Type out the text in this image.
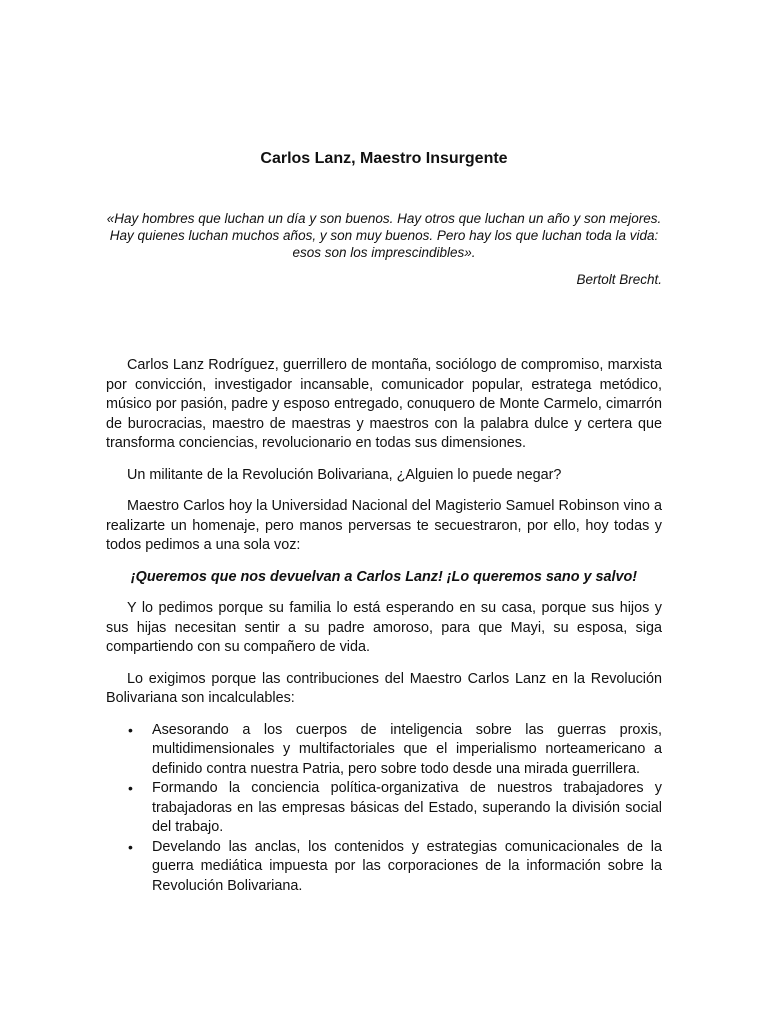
Carlos Lanz, Maestro Insurgente
«Hay hombres que luchan un día y son buenos. Hay otros que luchan un año y son mejores. Hay quienes luchan muchos años, y son muy buenos. Pero hay los que luchan toda la vida: esos son los imprescindibles».
Bertolt Brecht.

Carlos Lanz Rodríguez, guerrillero de montaña, sociólogo de compromiso, marxista por convicción, investigador incansable, comunicador popular, estratega metódico, músico por pasión, padre y esposo entregado, conuquero de Monte Carmelo, cimarrón de burocracias, maestro de maestras y maestros con la palabra dulce y certera que transforma conciencias, revolucionario en todas sus dimensiones.

Un militante de la Revolución Bolivariana, ¿Alguien lo puede negar?

Maestro Carlos hoy la Universidad Nacional del Magisterio Samuel Robinson vino a realizarte un homenaje, pero manos perversas te secuestraron, por ello, hoy todas y todos pedimos a una sola voz:

¡Queremos que nos devuelvan a Carlos Lanz! ¡Lo queremos sano y salvo!

Y lo pedimos porque su familia lo está esperando en su casa, porque sus hijos y sus hijas necesitan sentir a su padre amoroso, para que Mayi, su esposa, siga compartiendo con su compañero de vida.

Lo exigimos porque las contribuciones del Maestro Carlos Lanz en la Revolución Bolivariana son incalculables:

• Asesorando a los cuerpos de inteligencia sobre las guerras proxis, multidimensionales y multifactoriales que el imperialismo norteamericano a definido contra nuestra Patria, pero sobre todo desde una mirada guerrillera.
• Formando la conciencia política-organizativa de nuestros trabajadores y trabajadoras en las empresas básicas del Estado, superando la división social del trabajo.
• Develando las anclas, los contenidos y estrategias comunicacionales de la guerra mediática impuesta por las corporaciones de la información sobre la Revolución Bolivariana.
